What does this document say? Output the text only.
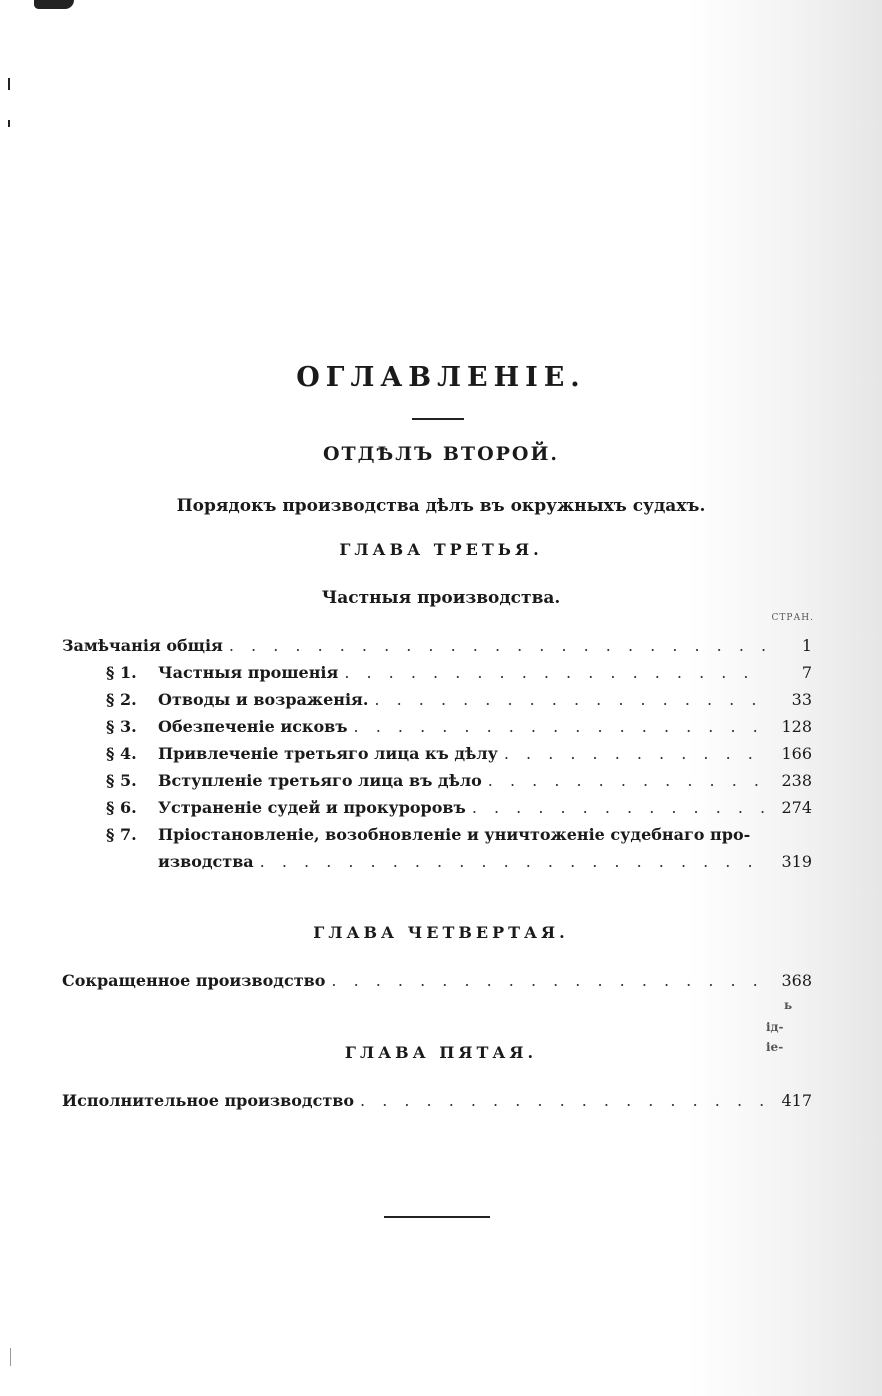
ОГЛАВЛЕНІЕ.
ОТДѢЛЪ ВТОРОЙ.
Порядокъ производства дѣлъ въ окружныхъ судахъ.
ГЛАВА ТРЕТЬЯ.
Частныя производства.
СТРАН.
Замѣчанія общія . . .	1
§ 1.	Частныя прошенія . . .	7
§ 2.	Отводы и возраженія. . . .	33
§ 3.	Обезпеченіе исковъ . . .	128
§ 4.	Привлеченіе третьяго лица къ дѣлу . . .	166
§ 5.	Вступленіе третьяго лица въ дѣло . . .	238
§ 6.	Устраненіе судей и прокуроровъ . . .	274
§ 7.	Пріостановленіе, возобновленіе и уничтоженіе судебнаго про-
изводства . . .	319
ГЛАВА ЧЕТВЕРТАЯ.
Сокращенное производство . . .	368
ь
ід-
іе-
ГЛАВА ПЯТАЯ.
Исполнительное производство . . .	417
